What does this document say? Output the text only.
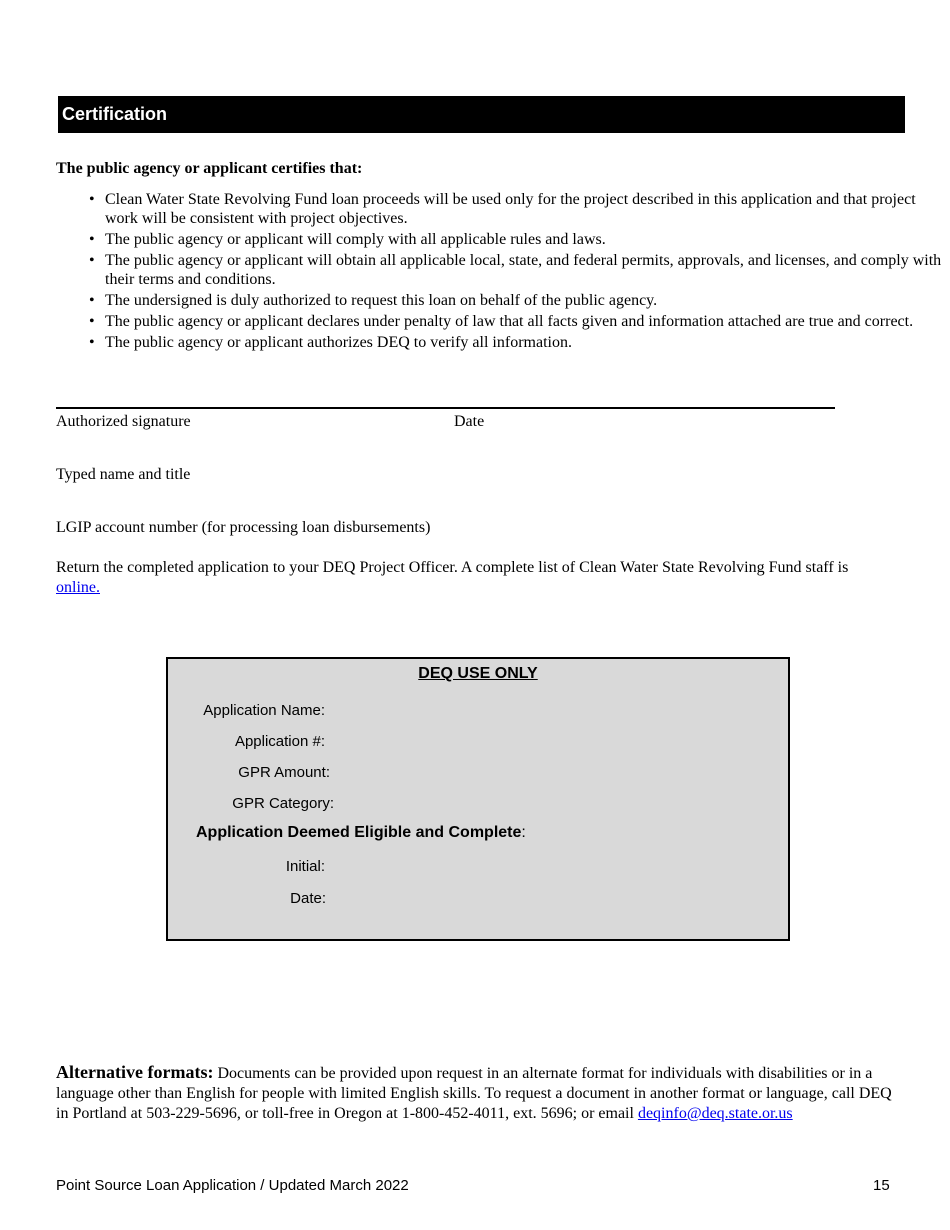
Certification
The public agency or applicant certifies that:
• Clean Water State Revolving Fund loan proceeds will be used only for the project described in this application and that project work will be consistent with project objectives.
• The public agency or applicant will comply with all applicable rules and laws.
• The public agency or applicant will obtain all applicable local, state, and federal permits, approvals, and licenses, and comply with their terms and conditions.
• The undersigned is duly authorized to request this loan on behalf of the public agency.
• The public agency or applicant declares under penalty of law that all facts given and information attached are true and correct.
• The public agency or applicant authorizes DEQ to verify all information.
Authorized signature	Date
Typed name and title
LGIP account number (for processing loan disbursements)
Return the completed application to your DEQ Project Officer. A complete list of Clean Water State Revolving Fund staff is online.
DEQ USE ONLY
Application Name:
Application #:
GPR Amount:
GPR Category:
Application Deemed Eligible and Complete:
Initial:
Date:
Alternative formats: Documents can be provided upon request in an alternate format for individuals with disabilities or in a language other than English for people with limited English skills. To request a document in another format or language, call DEQ in Portland at 503-229-5696, or toll-free in Oregon at 1-800-452-4011, ext. 5696; or email deqinfo@deq.state.or.us
Point Source Loan Application / Updated March 2022	15
